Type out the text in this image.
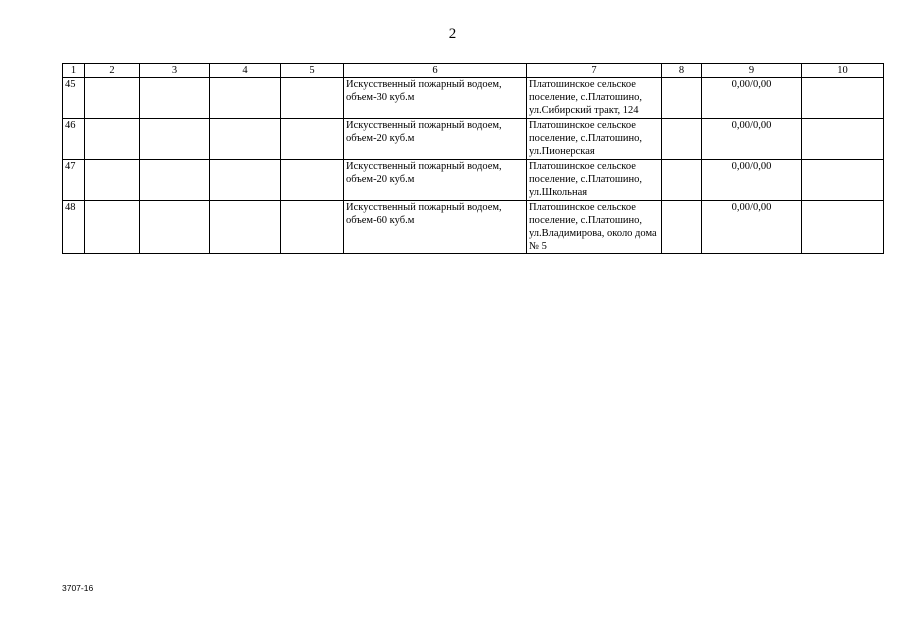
2
1	2	3	4	5	6	7	8	9	10
45					Искусственный пожарный водоем, объем-30 куб.м	Платошинское сельское поселение, с.Платошино, ул.Сибирский тракт, 124		0,00/0,00	
46					Искусственный пожарный водоем, объем-20 куб.м	Платошинское сельское поселение, с.Платошино, ул.Пионерская		0,00/0,00	
47					Искусственный пожарный водоем, объем-20 куб.м	Платошинское сельское поселение, с.Платошино, ул.Школьная		0,00/0,00	
48					Искусственный пожарный водоем, объем-60 куб.м	Платошинское сельское поселение, с.Платошино, ул.Владимирова, около дома № 5		0,00/0,00	
3707-16
